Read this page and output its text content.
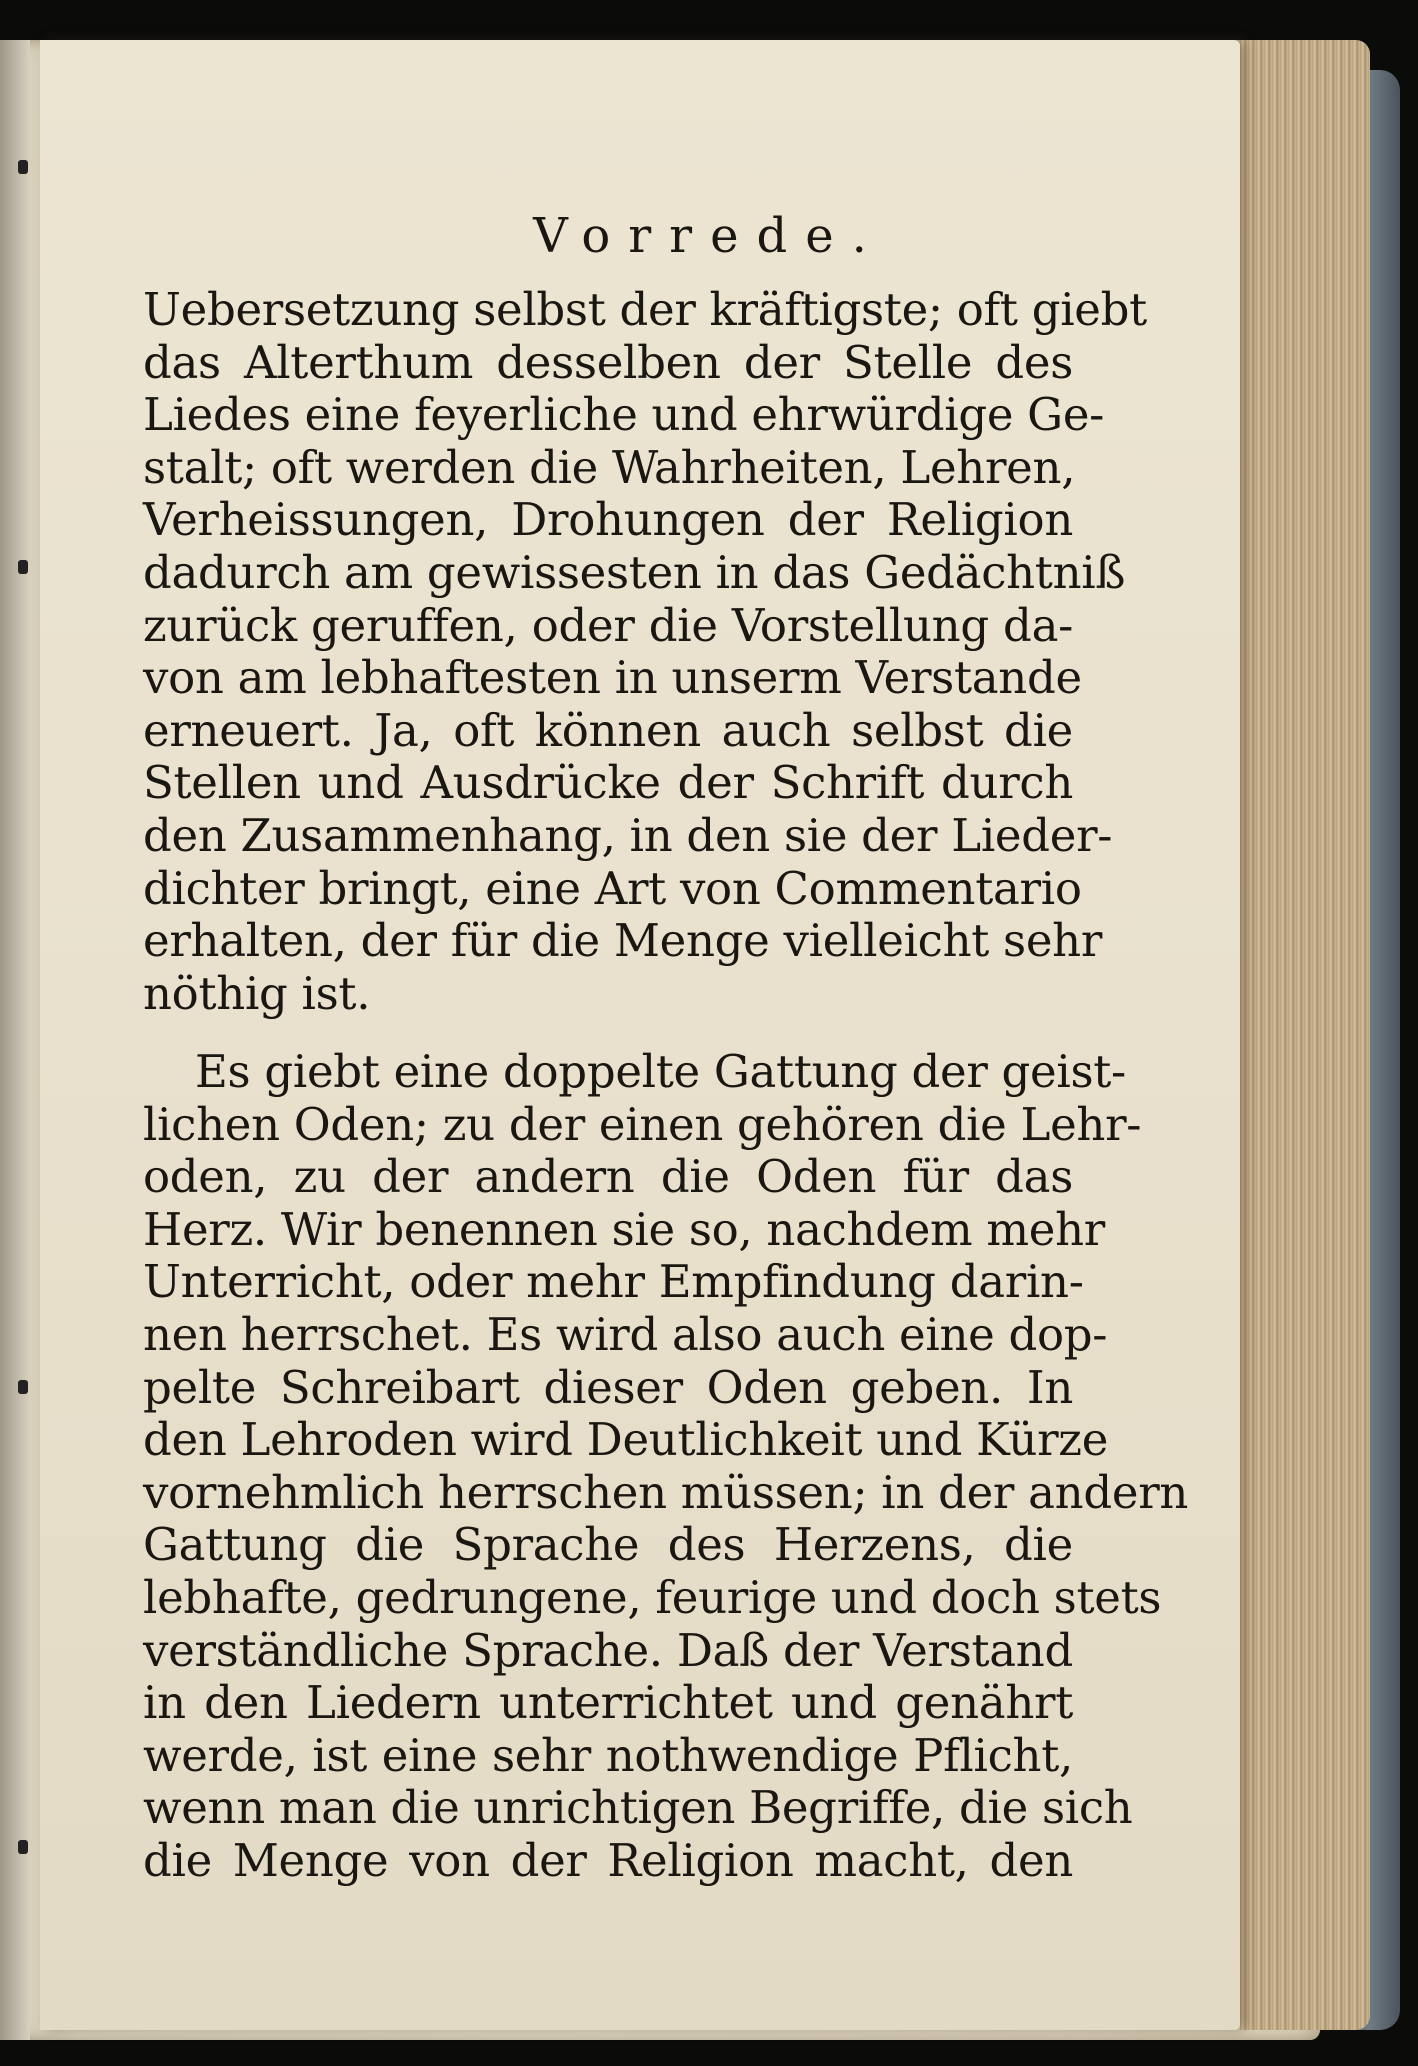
Vorrede.
Uebersetzung selbst der kräftigste; oft giebt
das Alterthum desselben der Stelle des
Liedes eine feyerliche und ehrwürdige Ge-
stalt; oft werden die Wahrheiten, Lehren,
Verheissungen, Drohungen der Religion
dadurch am gewissesten in das Gedächtniß
zurück geruffen, oder die Vorstellung da-
von am lebhaftesten in unserm Verstande
erneuert. Ja, oft können auch selbst die
Stellen und Ausdrücke der Schrift durch
den Zusammenhang, in den sie der Lieder-
dichter bringt, eine Art von Commentario
erhalten, der für die Menge vielleicht sehr
nöthig ist.
Es giebt eine doppelte Gattung der geist-
lichen Oden; zu der einen gehören die Lehr-
oden, zu der andern die Oden für das
Herz. Wir benennen sie so, nachdem mehr
Unterricht, oder mehr Empfindung darin-
nen herrschet. Es wird also auch eine dop-
pelte Schreibart dieser Oden geben. In
den Lehroden wird Deutlichkeit und Kürze
vornehmlich herrschen müssen; in der andern
Gattung die Sprache des Herzens, die
lebhafte, gedrungene, feurige und doch stets
verständliche Sprache. Daß der Verstand
in den Liedern unterrichtet und genährt
werde, ist eine sehr nothwendige Pflicht,
wenn man die unrichtigen Begriffe, die sich
die Menge von der Religion macht, den
